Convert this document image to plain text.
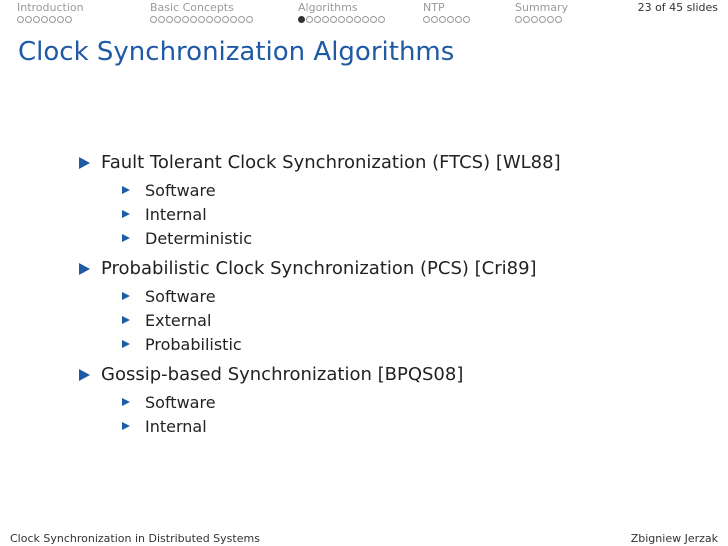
Introduction	Basic Concepts	Algorithms	NTP	Summary	23 of 45 slides
Clock Synchronization Algorithms
Fault Tolerant Clock Synchronization (FTCS) [WL88]
Software
Internal
Deterministic
Probabilistic Clock Synchronization (PCS) [Cri89]
Software
External
Probabilistic
Gossip-based Synchronization [BPQS08]
Software
Internal
Clock Synchronization in Distributed Systems	Zbigniew Jerzak
